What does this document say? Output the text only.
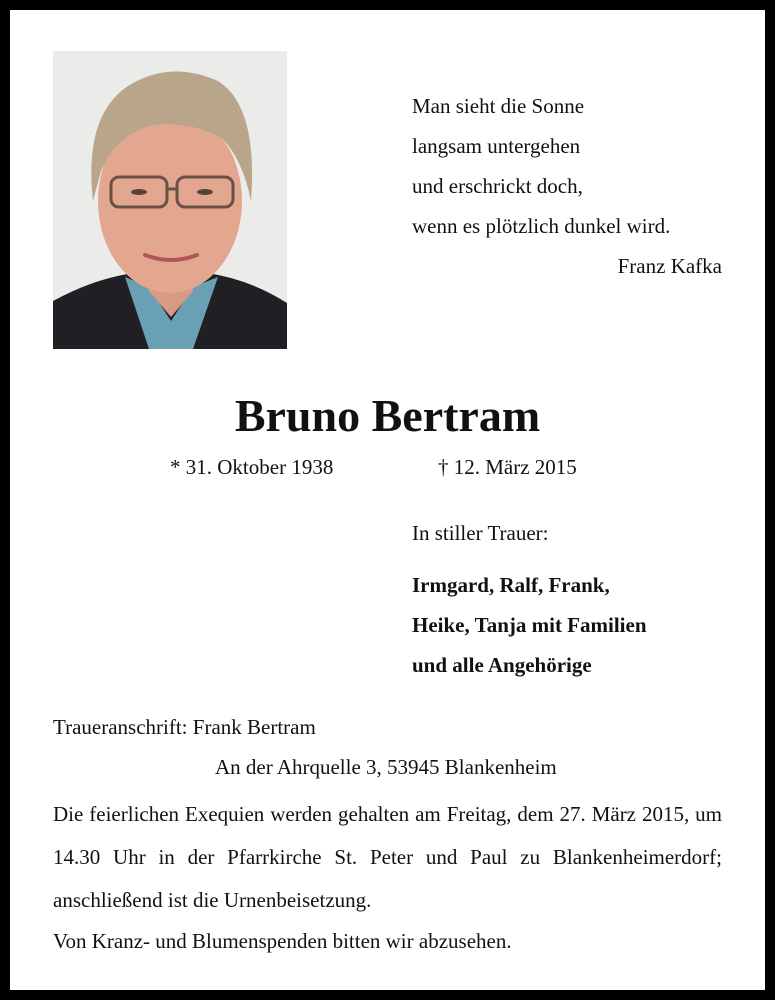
Man sieht die Sonne
langsam untergehen
und erschrickt doch,
wenn es plötzlich dunkel wird.
Franz Kafka
Bruno Bertram
* 31. Oktober 1938	† 12. März 2015
In stiller Trauer:
Irmgard, Ralf, Frank,
Heike, Tanja mit Familien
und alle Angehörige
Traueranschrift: Frank Bertram
An der Ahrquelle 3, 53945 Blankenheim
Die feierlichen Exequien werden gehalten am Freitag, dem 27. März 2015, um 14.30 Uhr in der Pfarrkirche St. Peter und Paul zu Blankenheimerdorf; anschließend ist die Urnenbeisetzung.
Von Kranz- und Blumenspenden bitten wir abzusehen.
